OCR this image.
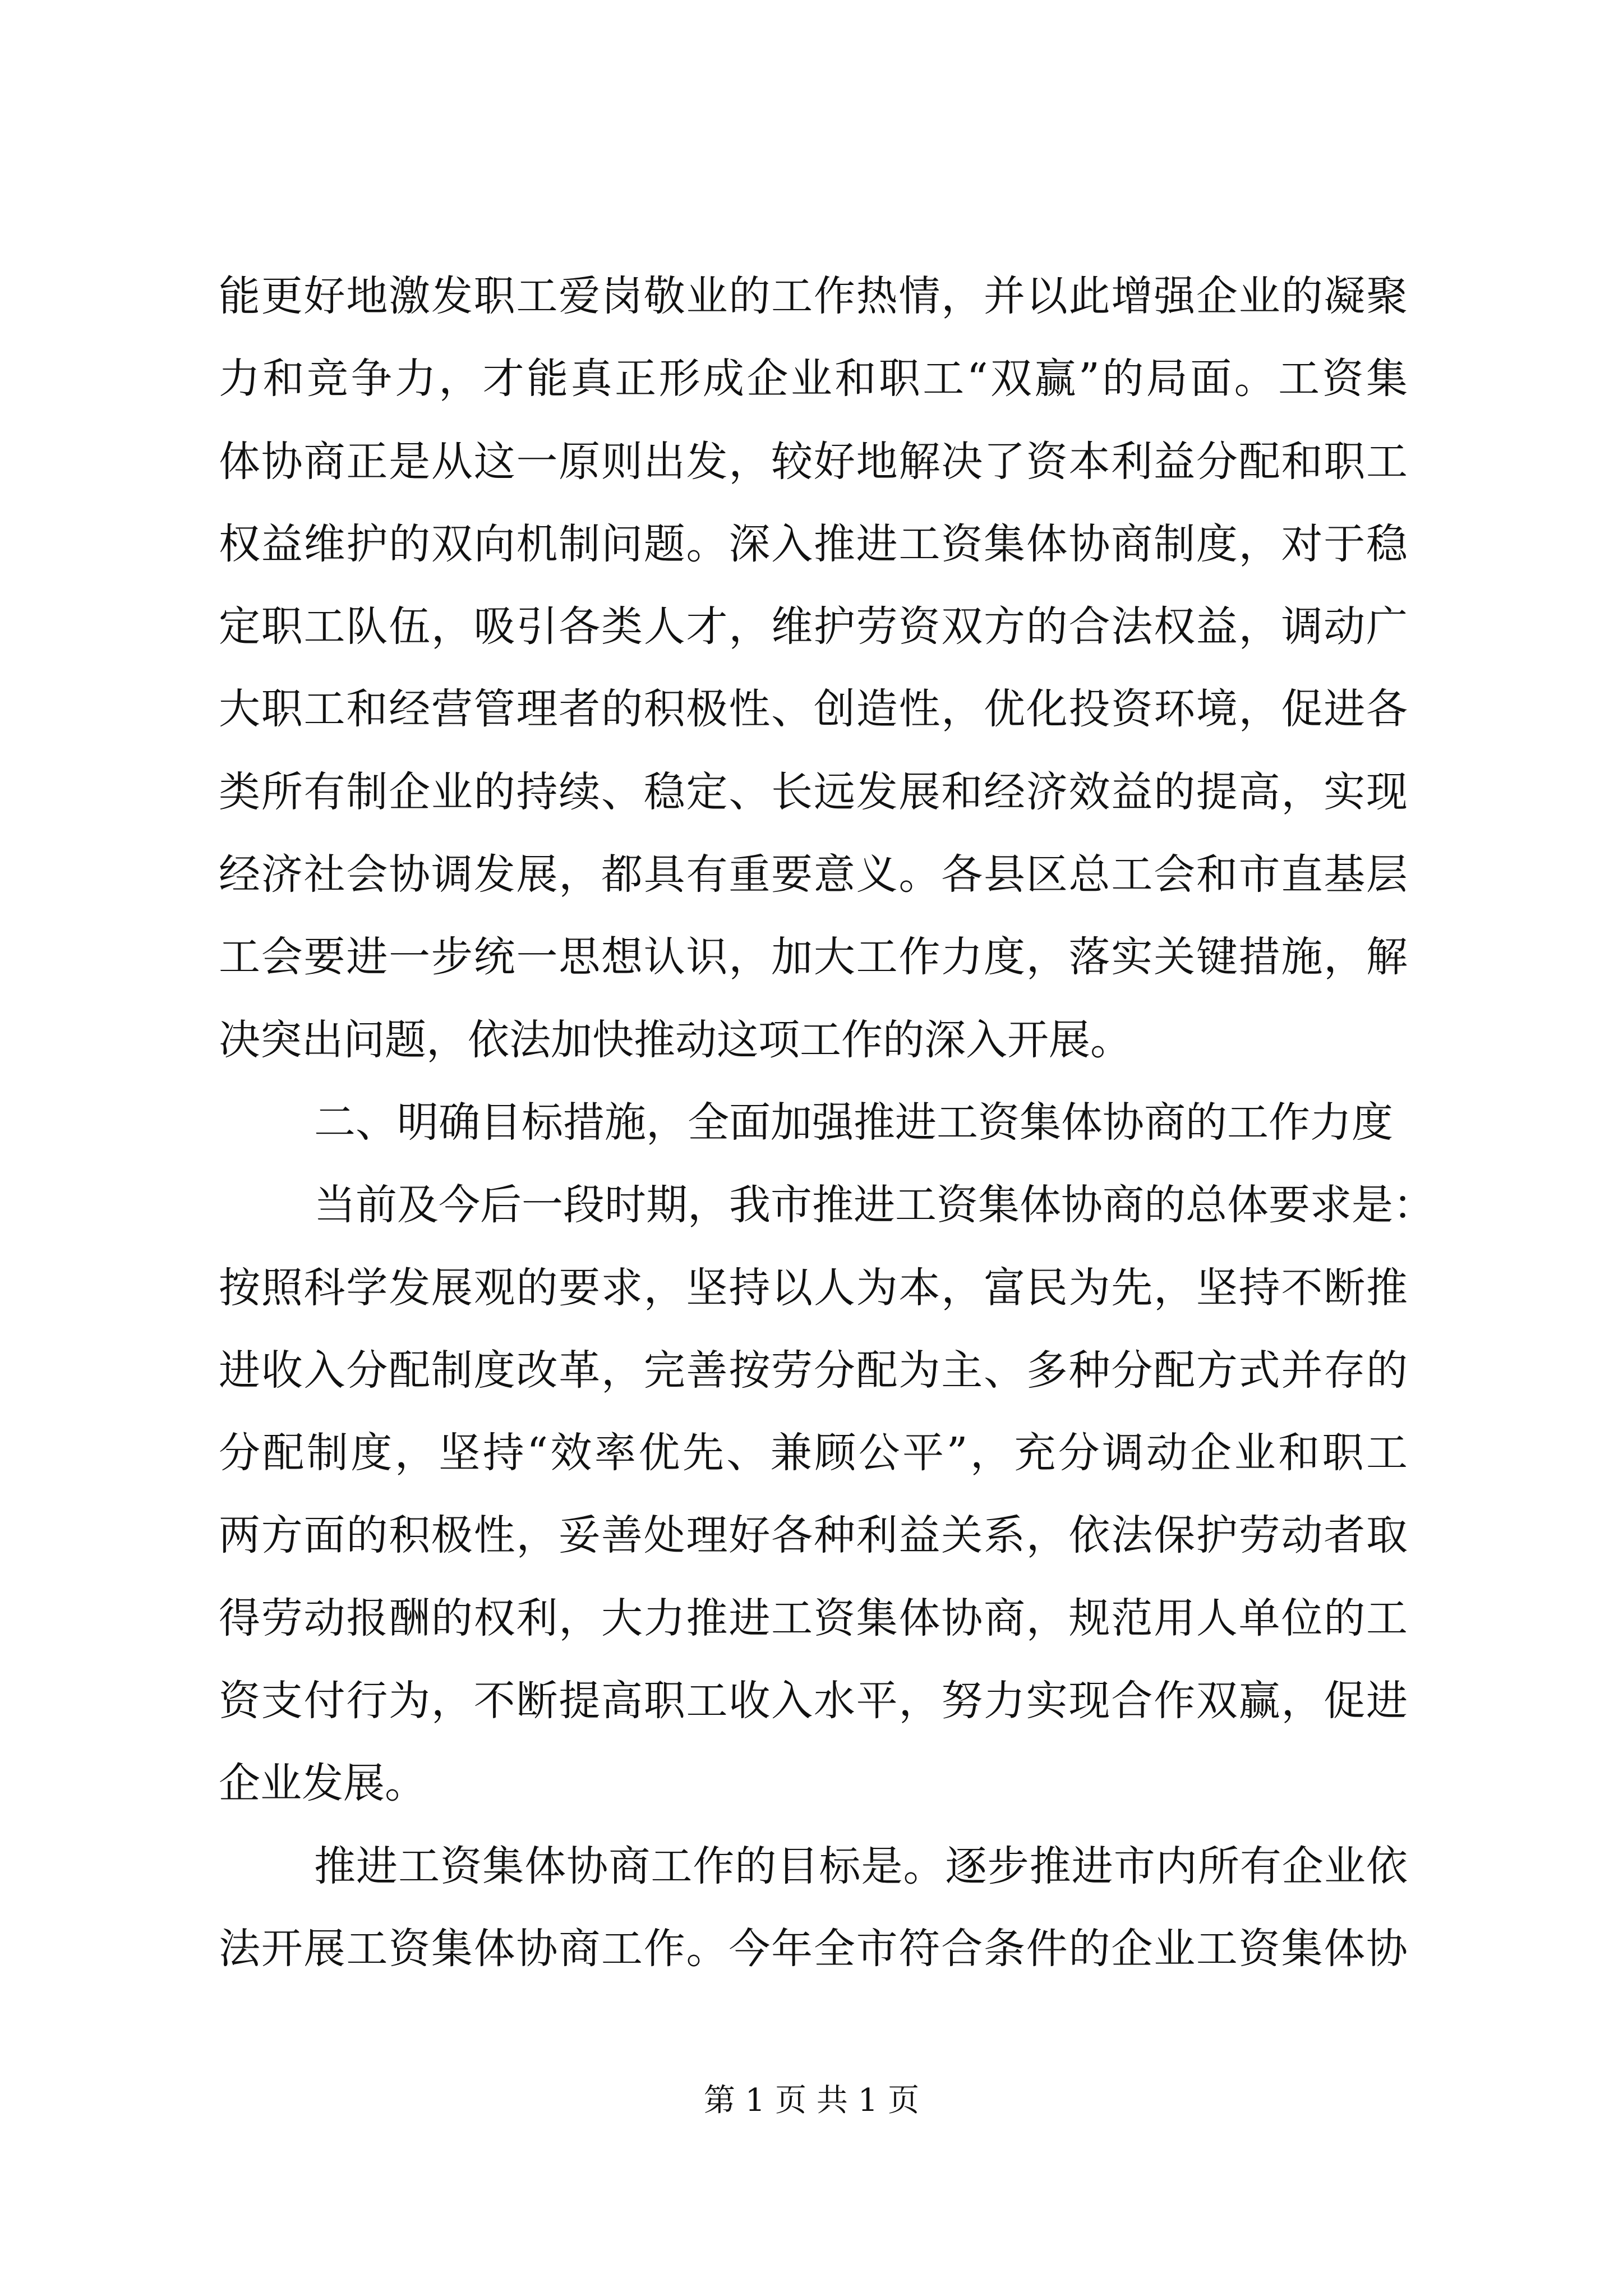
能更好地激发职工爱岗敬业的工作热情，并以此增强企业的凝聚
力和竞争力，才能真正形成企业和职工“双赢”的局面。工资集
体协商正是从这一原则出发，较好地解决了资本利益分配和职工
权益维护的双向机制问题。深入推进工资集体协商制度，对于稳
定职工队伍，吸引各类人才，维护劳资双方的合法权益，调动广
大职工和经营管理者的积极性、创造性，优化投资环境，促进各
类所有制企业的持续、稳定、长远发展和经济效益的提高，实现
经济社会协调发展，都具有重要意义。各县区总工会和市直基层
工会要进一步统一思想认识，加大工作力度，落实关键措施，解
决突出问题，依法加快推动这项工作的深入开展。
二、明确目标措施，全面加强推进工资集体协商的工作力度
当前及今后一段时期，我市推进工资集体协商的总体要求是：
按照科学发展观的要求，坚持以人为本，富民为先，坚持不断推
进收入分配制度改革，完善按劳分配为主、多种分配方式并存的
分配制度，坚持“效率优先、兼顾公平”，充分调动企业和职工
两方面的积极性，妥善处理好各种利益关系，依法保护劳动者取
得劳动报酬的权利，大力推进工资集体协商，规范用人单位的工
资支付行为，不断提高职工收入水平，努力实现合作双赢，促进
企业发展。
推进工资集体协商工作的目标是。逐步推进市内所有企业依
法开展工资集体协商工作。今年全市符合条件的企业工资集体协
第 1 页 共 1 页
